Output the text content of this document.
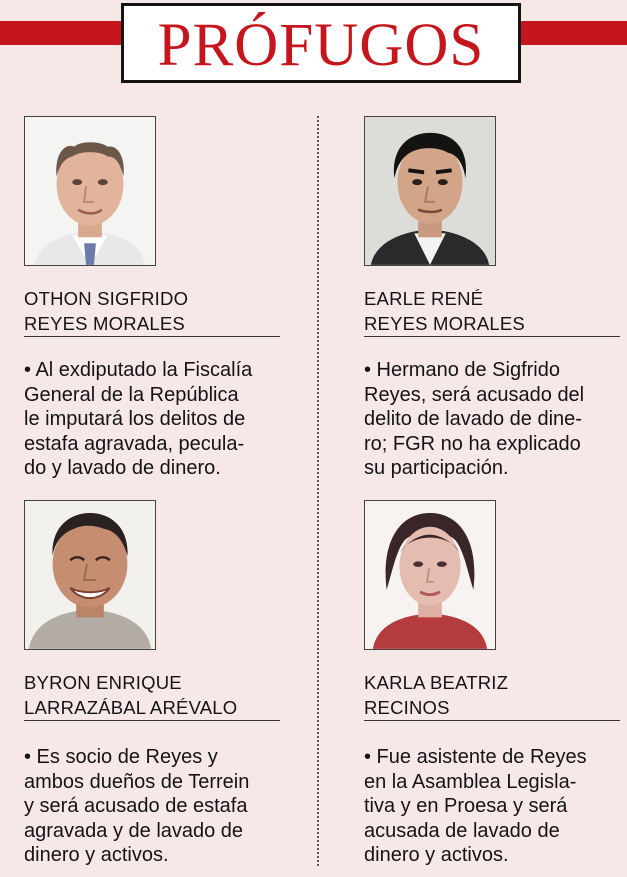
PRÓFUGOS
OTHON SIGFRIDO
REYES MORALES
• Al exdiputado la Fiscalía
General de la República
le imputará los delitos de
estafa agravada, pecula-
do y lavado de dinero.
EARLE RENÉ
REYES MORALES
• Hermano de Sigfrido
Reyes, será acusado del
delito de lavado de dine-
ro; FGR no ha explicado
su participación.
BYRON ENRIQUE
LARRAZÁBAL ARÉVALO
• Es socio de Reyes y
ambos dueños de Terrein
y será acusado de estafa
agravada y de lavado de
dinero y activos.
KARLA BEATRIZ
RECINOS
• Fue asistente de Reyes
en la Asamblea Legisla-
tiva y en Proesa y será
acusada de lavado de
dinero y activos.
